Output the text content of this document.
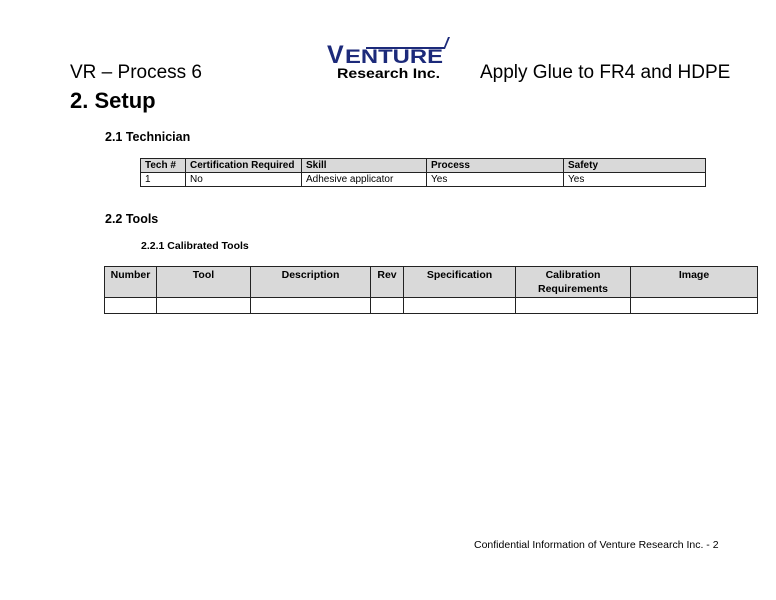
V ENTURE
Research Inc.
VR – Process 6	Apply Glue to FR4 and HDPE
2. Setup
2.1 Technician
Tech #	Certification Required	Skill	Process	Safety
1	No	Adhesive applicator	Yes	Yes
2.2 Tools
2.2.1 Calibrated Tools
Number	Tool	Description	Rev	Specification	Calibration Requirements	Image

Confidential Information of Venture Research Inc. - 2
